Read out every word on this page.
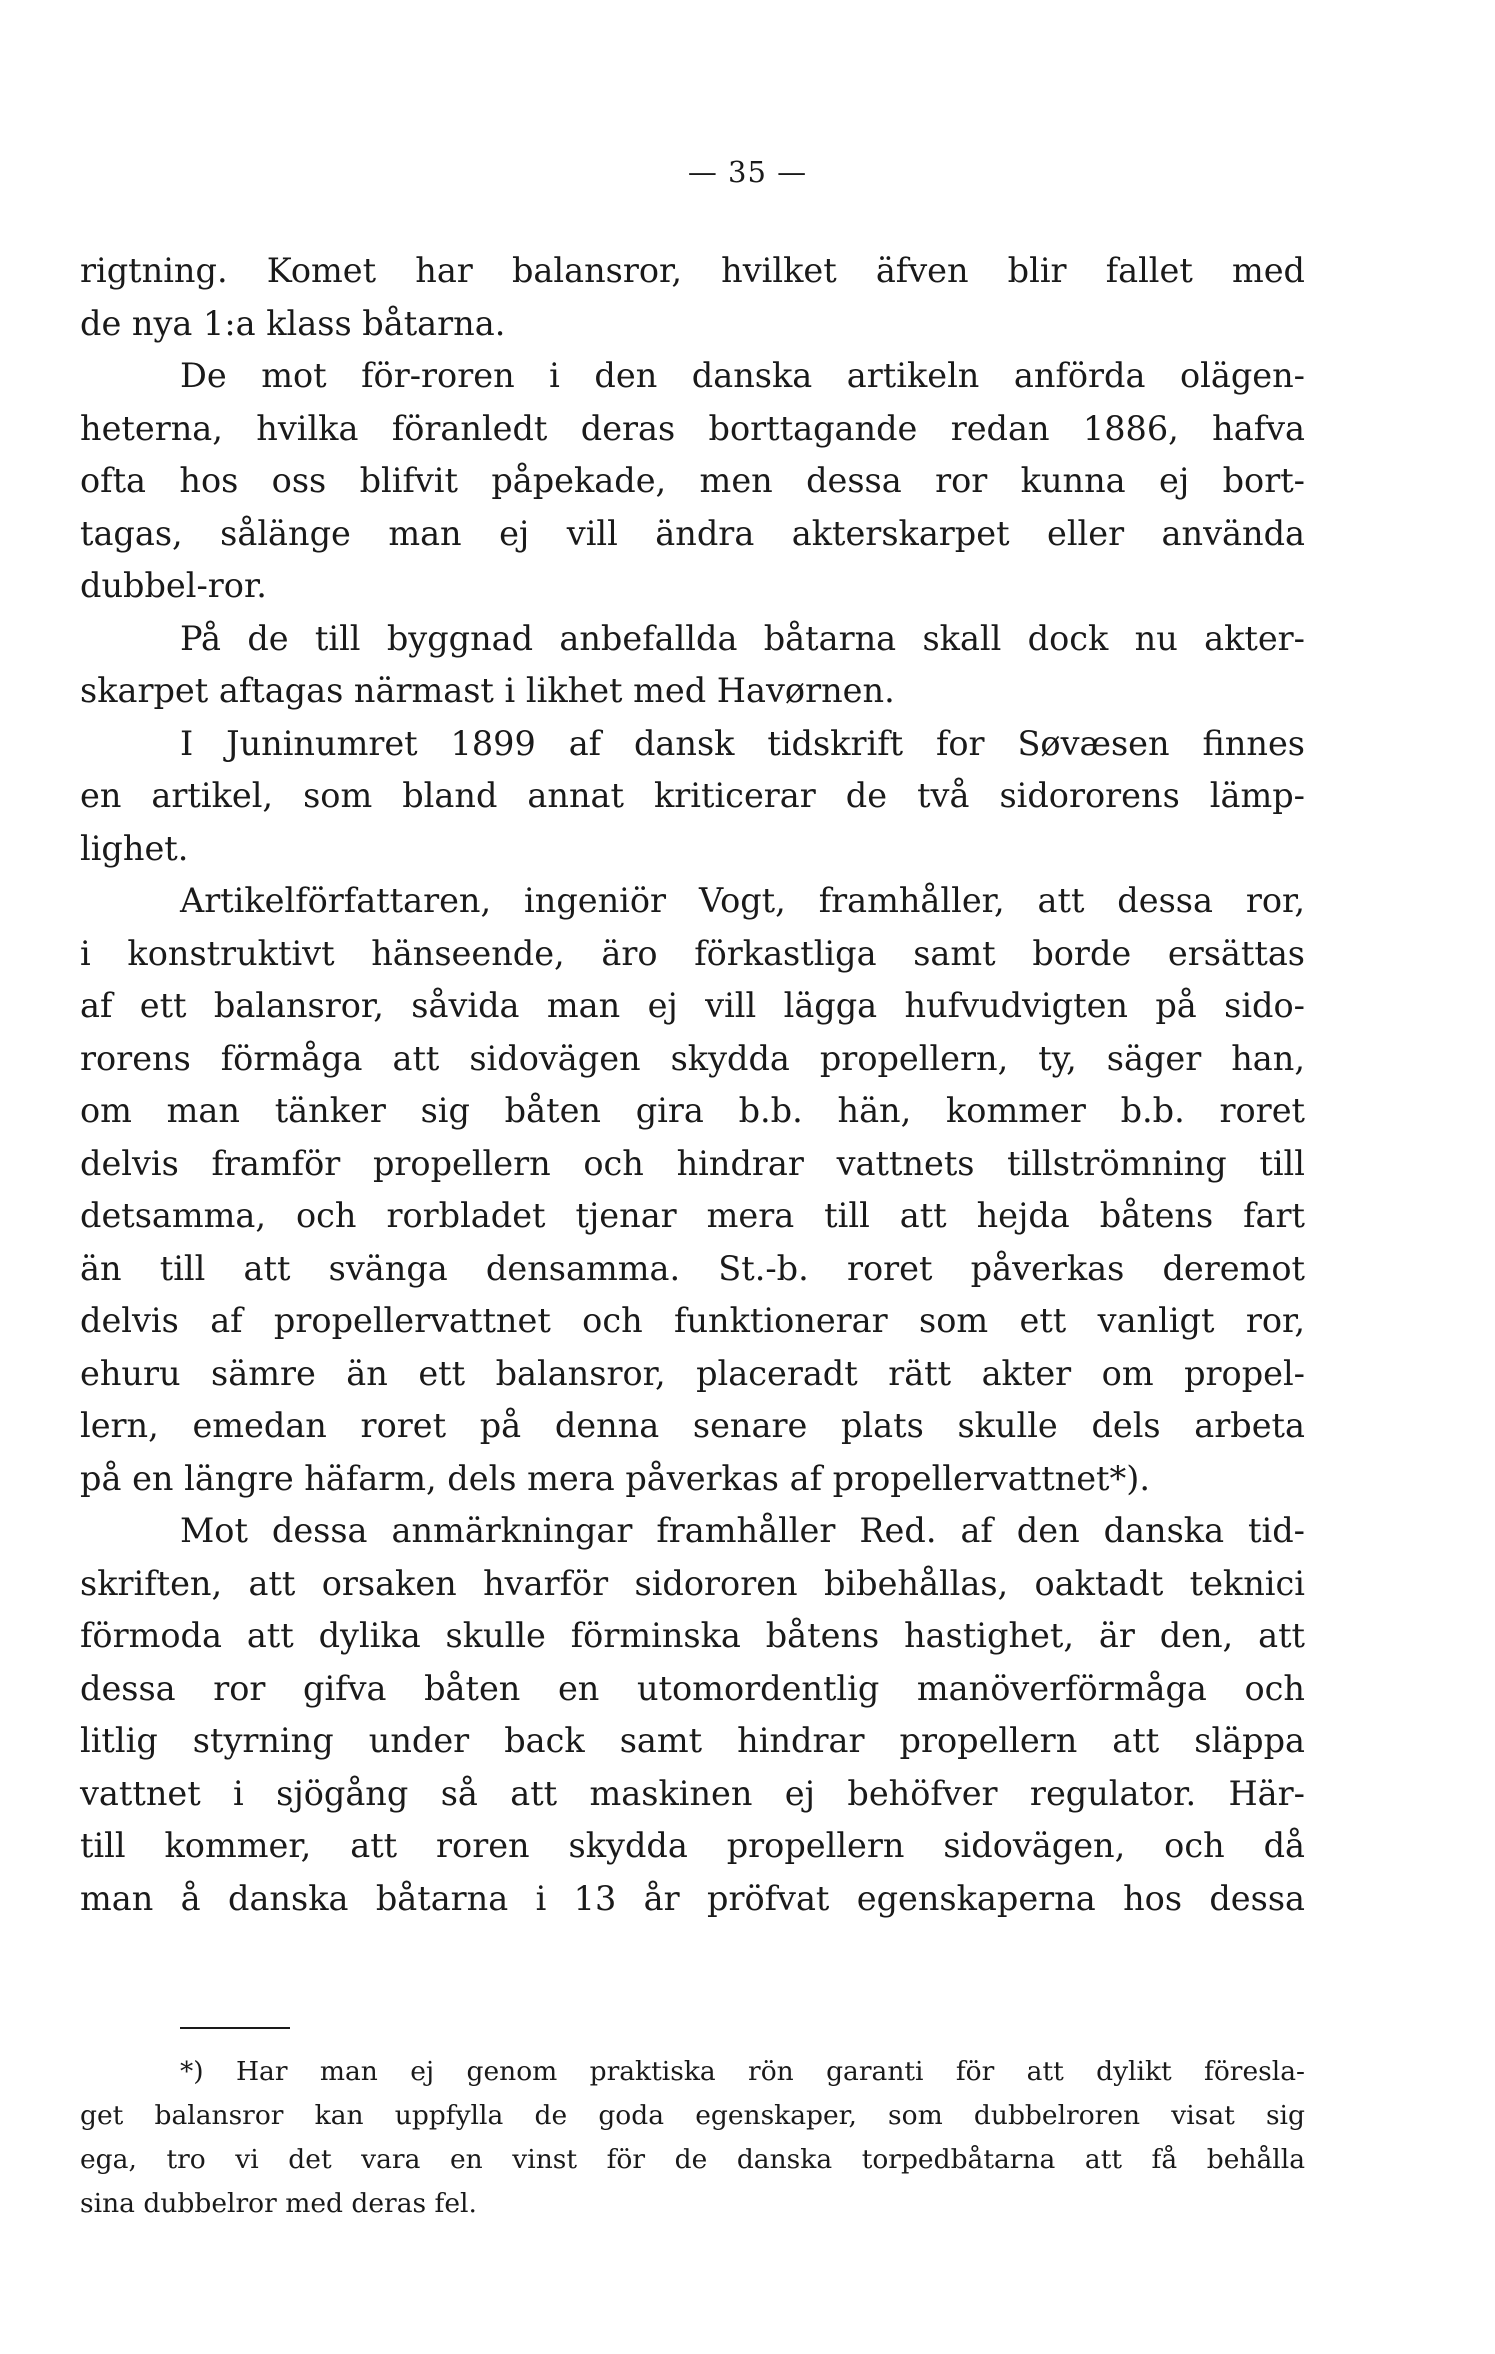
— 35 —
rigtning. Komet har balansror, hvilket äfven blir fallet med
de nya 1:a klass båtarna.
De mot för-roren i den danska artikeln anförda olägen-
heterna, hvilka föranledt deras borttagande redan 1886, hafva
ofta hos oss blifvit påpekade, men dessa ror kunna ej bort-
tagas, sålänge man ej vill ändra akterskarpet eller använda
dubbel-ror.
På de till byggnad anbefallda båtarna skall dock nu akter-
skarpet aftagas närmast i likhet med Havørnen.
I Juninumret 1899 af dansk tidskrift for Søvæsen finnes
en artikel, som bland annat kriticerar de två sidororens lämp-
lighet.
Artikelförfattaren, ingeniör Vogt, framhåller, att dessa ror,
i konstruktivt hänseende, äro förkastliga samt borde ersättas
af ett balansror, såvida man ej vill lägga hufvudvigten på sido-
rorens förmåga att sidovägen skydda propellern, ty, säger han,
om man tänker sig båten gira b.b. hän, kommer b.b. roret
delvis framför propellern och hindrar vattnets tillströmning till
detsamma, och rorbladet tjenar mera till att hejda båtens fart
än till att svänga densamma. St.-b. roret påverkas deremot
delvis af propellervattnet och funktionerar som ett vanligt ror,
ehuru sämre än ett balansror, placeradt rätt akter om propel-
lern, emedan roret på denna senare plats skulle dels arbeta
på en längre häfarm, dels mera påverkas af propellervattnet*).
Mot dessa anmärkningar framhåller Red. af den danska tid-
skriften, att orsaken hvarför sidororen bibehållas, oaktadt teknici
förmoda att dylika skulle förminska båtens hastighet, är den, att
dessa ror gifva båten en utomordentlig manöverförmåga och
litlig styrning under back samt hindrar propellern att släppa
vattnet i sjögång så att maskinen ej behöfver regulator. Här-
till kommer, att roren skydda propellern sidovägen, och då
man å danska båtarna i 13 år pröfvat egenskaperna hos dessa
*) Har man ej genom praktiska rön garanti för att dylikt föresla-
get balansror kan uppfylla de goda egenskaper, som dubbelroren visat sig
ega, tro vi det vara en vinst för de danska torpedbåtarna att få behålla
sina dubbelror med deras fel.
